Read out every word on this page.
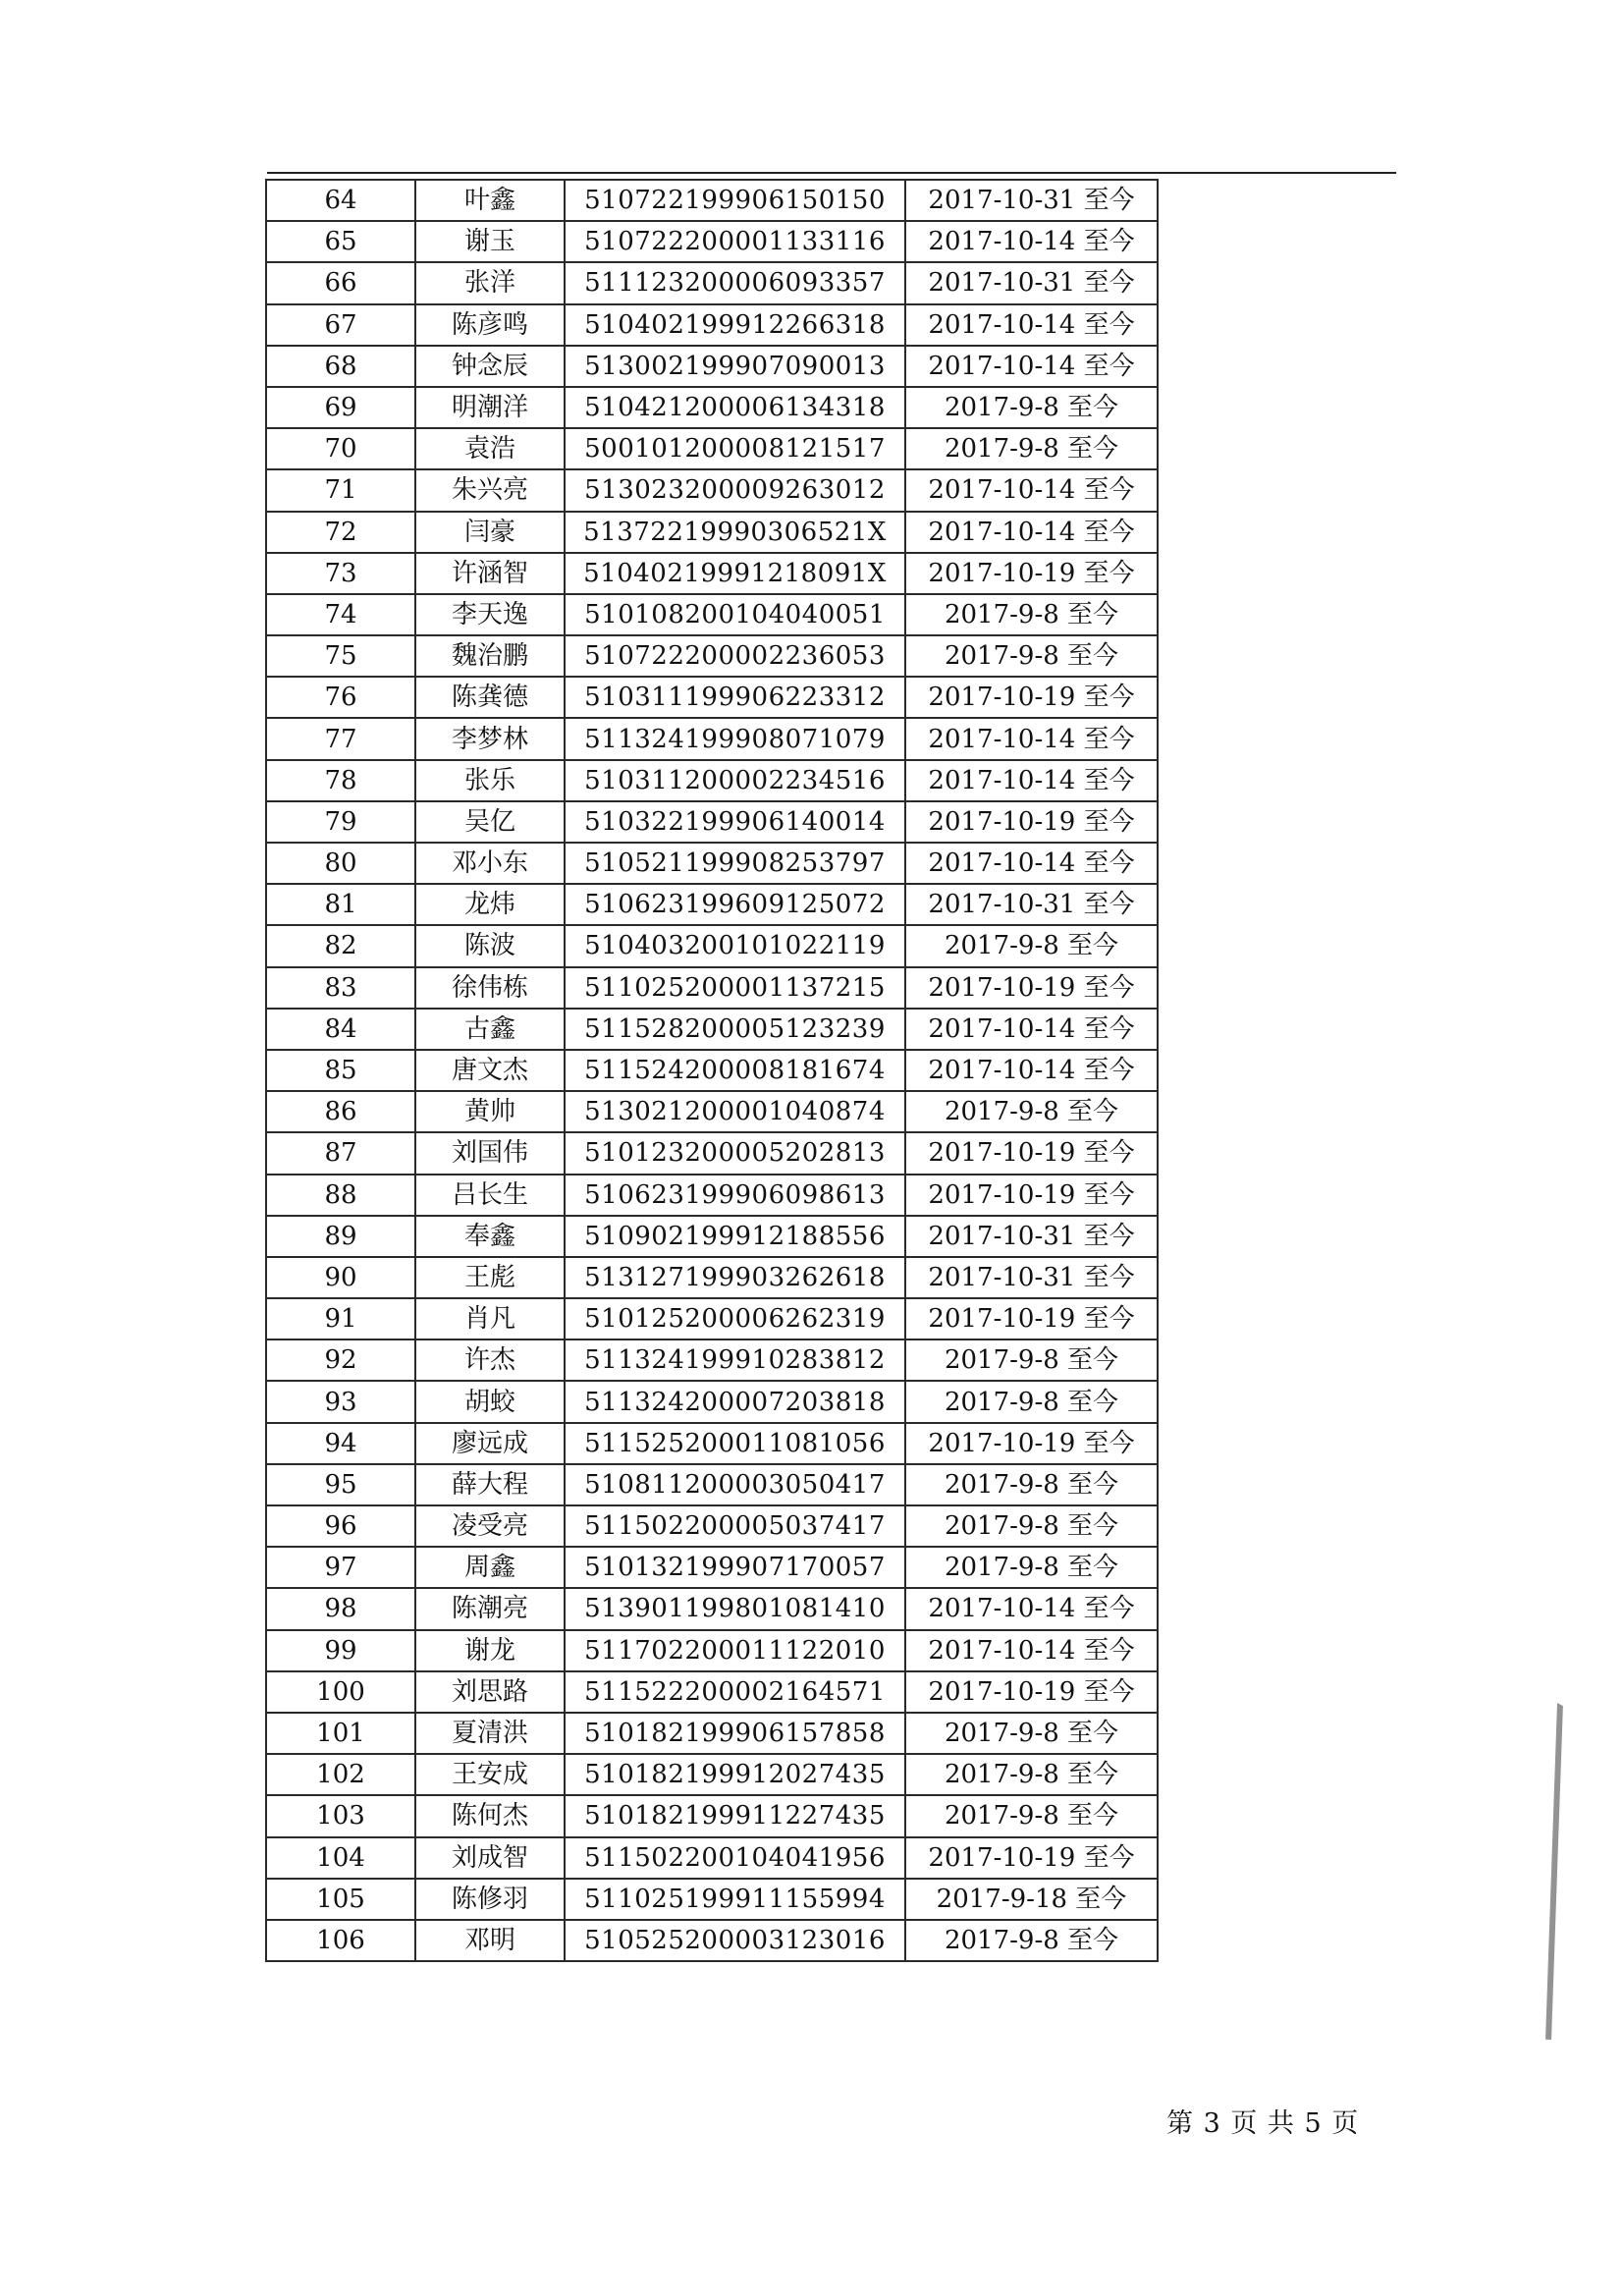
64	叶鑫	510722199906150150	2017-10-31 至今
65	谢玉	510722200001133116	2017-10-14 至今
66	张洋	511123200006093357	2017-10-31 至今
67	陈彦鸣	510402199912266318	2017-10-14 至今
68	钟念辰	513002199907090013	2017-10-14 至今
69	明潮洋	510421200006134318	2017-9-8 至今
70	袁浩	500101200008121517	2017-9-8 至今
71	朱兴亮	513023200009263012	2017-10-14 至今
72	闫豪	51372219990306521X	2017-10-14 至今
73	许涵智	51040219991218091X	2017-10-19 至今
74	李天逸	510108200104040051	2017-9-8 至今
75	魏治鹏	510722200002236053	2017-9-8 至今
76	陈龚德	510311199906223312	2017-10-19 至今
77	李梦林	511324199908071079	2017-10-14 至今
78	张乐	510311200002234516	2017-10-14 至今
79	吴亿	510322199906140014	2017-10-19 至今
80	邓小东	510521199908253797	2017-10-14 至今
81	龙炜	510623199609125072	2017-10-31 至今
82	陈波	510403200101022119	2017-9-8 至今
83	徐伟栋	511025200001137215	2017-10-19 至今
84	古鑫	511528200005123239	2017-10-14 至今
85	唐文杰	511524200008181674	2017-10-14 至今
86	黄帅	513021200001040874	2017-9-8 至今
87	刘国伟	510123200005202813	2017-10-19 至今
88	吕长生	510623199906098613	2017-10-19 至今
89	奉鑫	510902199912188556	2017-10-31 至今
90	王彪	513127199903262618	2017-10-31 至今
91	肖凡	510125200006262319	2017-10-19 至今
92	许杰	511324199910283812	2017-9-8 至今
93	胡蛟	511324200007203818	2017-9-8 至今
94	廖远成	511525200011081056	2017-10-19 至今
95	薛大程	510811200003050417	2017-9-8 至今
96	凌受亮	511502200005037417	2017-9-8 至今
97	周鑫	510132199907170057	2017-9-8 至今
98	陈潮亮	513901199801081410	2017-10-14 至今
99	谢龙	511702200011122010	2017-10-14 至今
100	刘思路	511522200002164571	2017-10-19 至今
101	夏清洪	510182199906157858	2017-9-8 至今
102	王安成	510182199912027435	2017-9-8 至今
103	陈何杰	510182199911227435	2017-9-8 至今
104	刘成智	511502200104041956	2017-10-19 至今
105	陈修羽	511025199911155994	2017-9-18 至今
106	邓明	510525200003123016	2017-9-8 至今
第 3 页 共 5 页
